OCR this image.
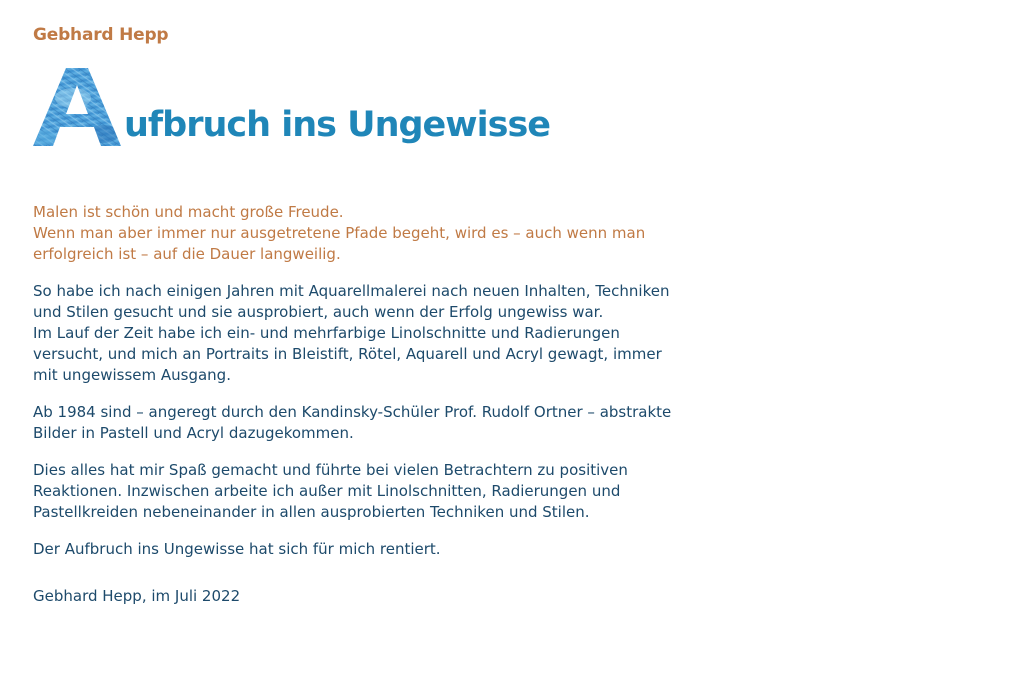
Gebhard Hepp
ufbruch ins Ungewisse

Malen ist schön und macht große Freude.
Wenn man aber immer nur ausgetretene Pfade begeht, wird es – auch wenn man
erfolgreich ist – auf die Dauer langweilig.

So habe ich nach einigen Jahren mit Aquarellmalerei nach neuen Inhalten, Techniken
und Stilen gesucht und sie ausprobiert, auch wenn der Erfolg ungewiss war.
Im Lauf der Zeit habe ich ein- und mehrfarbige Linolschnitte und Radierungen
versucht, und mich an Portraits in Bleistift, Rötel, Aquarell und Acryl gewagt, immer
mit ungewissem Ausgang.

Ab 1984 sind – angeregt durch den Kandinsky-Schüler Prof. Rudolf Ortner – abstrakte
Bilder in Pastell und Acryl dazugekommen.

Dies alles hat mir Spaß gemacht und führte bei vielen Betrachtern zu positiven
Reaktionen. Inzwischen arbeite ich außer mit Linolschnitten, Radierungen und
Pastellkreiden nebeneinander in allen ausprobierten Techniken und Stilen.

Der Aufbruch ins Ungewisse hat sich für mich rentiert.

Gebhard Hepp, im Juli 2022
